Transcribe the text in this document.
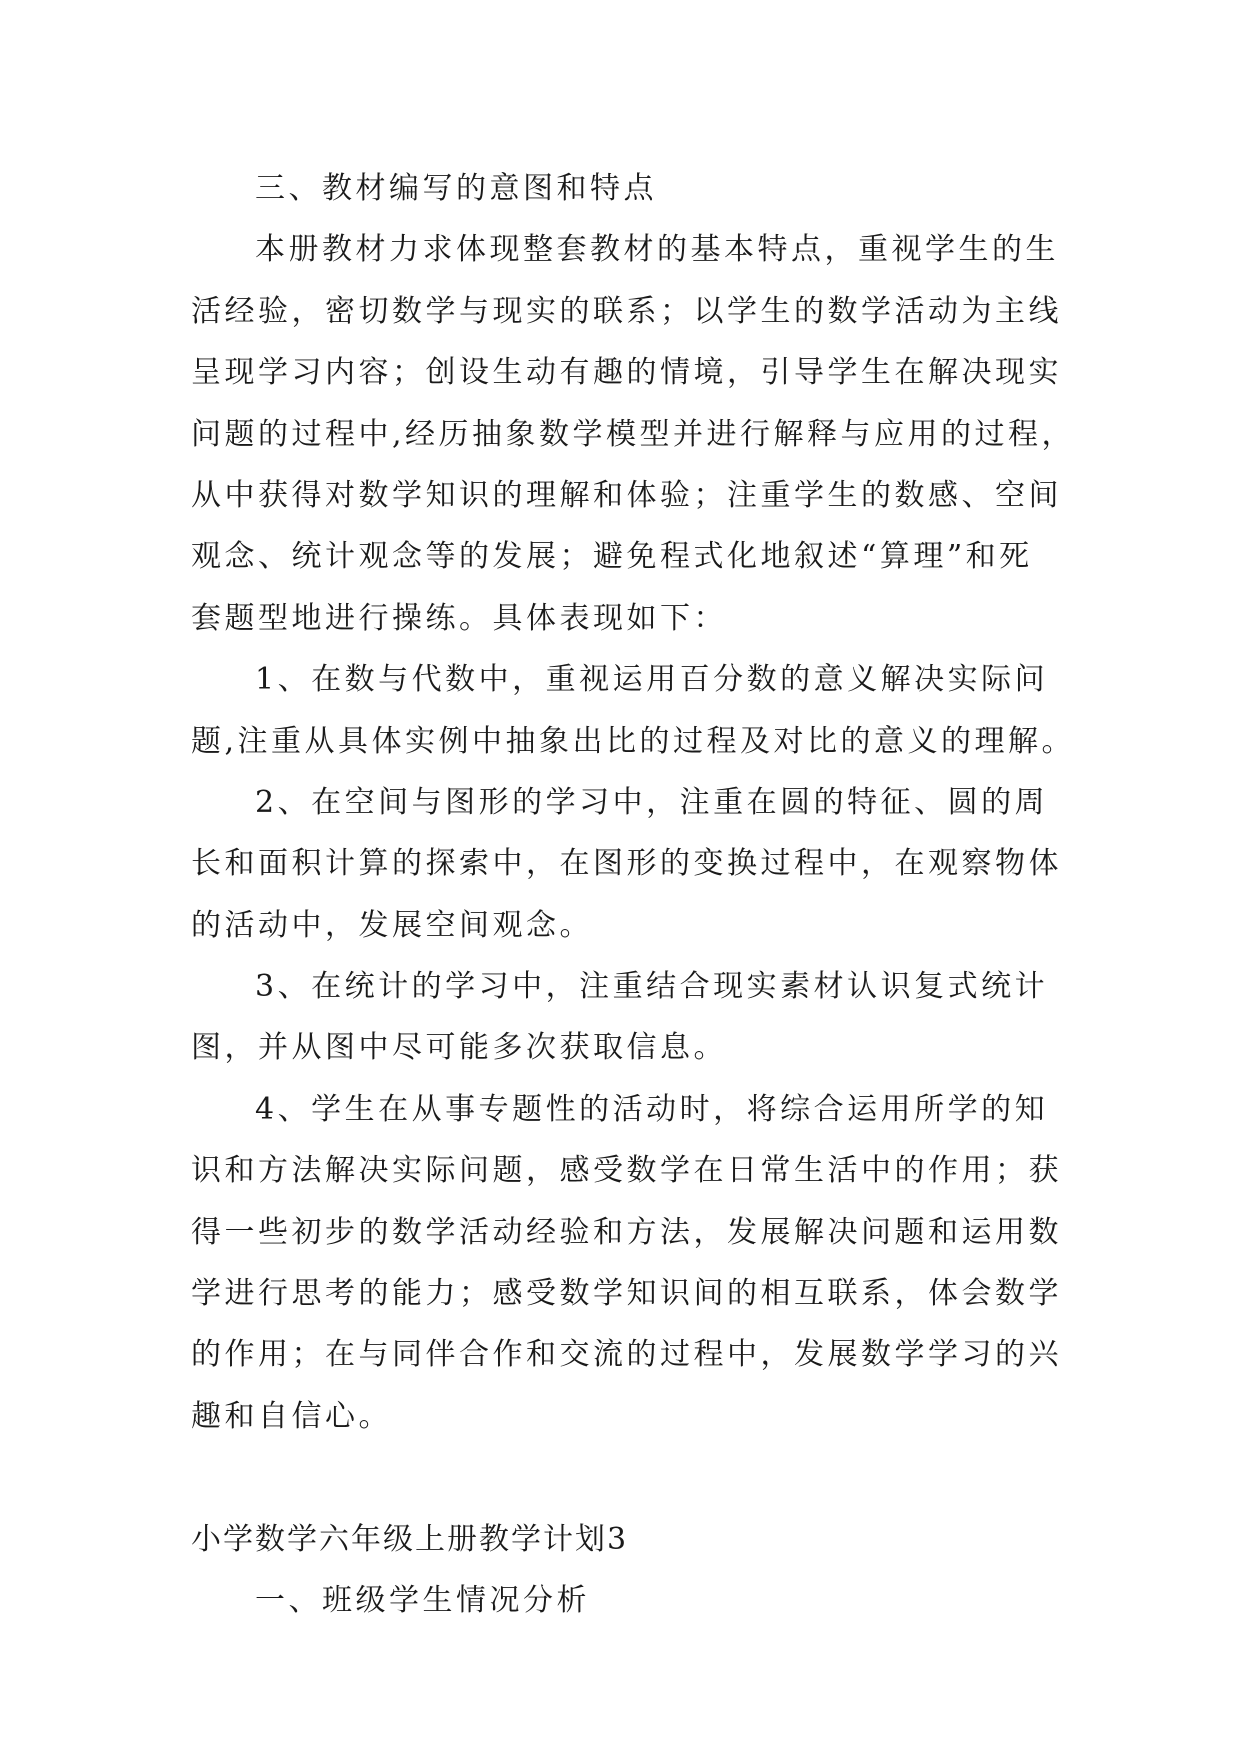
三、教材编写的意图和特点
本册教材力求体现整套教材的基本特点，重视学生的生
活经验，密切数学与现实的联系；以学生的数学活动为主线
呈现学习内容；创设生动有趣的情境，引导学生在解决现实
问题的过程中,经历抽象数学模型并进行解释与应用的过程，
从中获得对数学知识的理解和体验；注重学生的数感、空间
观念、统计观念等的发展；避免程式化地叙述“算理”和死
套题型地进行操练。具体表现如下：
1、在数与代数中，重视运用百分数的意义解决实际问
题,注重从具体实例中抽象出比的过程及对比的意义的理解。
2、在空间与图形的学习中，注重在圆的特征、圆的周
长和面积计算的探索中，在图形的变换过程中，在观察物体
的活动中，发展空间观念。
3、在统计的学习中，注重结合现实素材认识复式统计
图，并从图中尽可能多次获取信息。
4、学生在从事专题性的活动时，将综合运用所学的知
识和方法解决实际问题，感受数学在日常生活中的作用；获
得一些初步的数学活动经验和方法，发展解决问题和运用数
学进行思考的能力；感受数学知识间的相互联系，体会数学
的作用；在与同伴合作和交流的过程中，发展数学学习的兴
趣和自信心。
小学数学六年级上册教学计划3
一、班级学生情况分析
